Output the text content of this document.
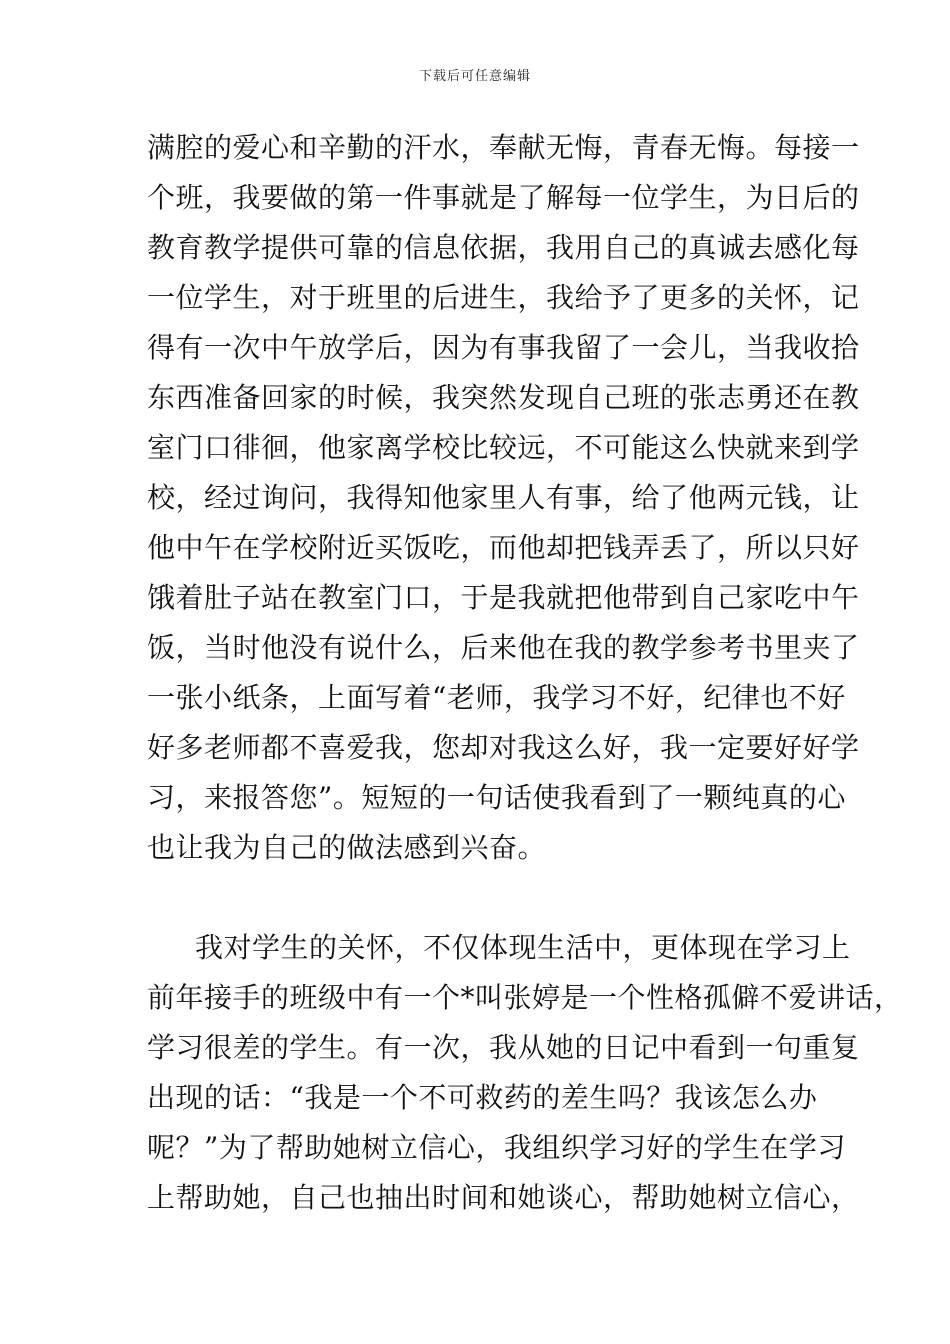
下载后可任意编辑
满腔的爱心和辛勤的汗水，奉献无悔，青春无悔。每接一
个班，我要做的第一件事就是了解每一位学生，为日后的
教育教学提供可靠的信息依据，我用自己的真诚去感化每
一位学生，对于班里的后进生，我给予了更多的关怀，记
得有一次中午放学后，因为有事我留了一会儿，当我收拾
东西准备回家的时候，我突然发现自己班的张志勇还在教
室门口徘徊，他家离学校比较远，不可能这么快就来到学
校，经过询问，我得知他家里人有事，给了他两元钱，让
他中午在学校附近买饭吃，而他却把钱弄丢了，所以只好
饿着肚子站在教室门口，于是我就把他带到自己家吃中午
饭，当时他没有说什么，后来他在我的教学参考书里夹了
一张小纸条，上面写着“老师，我学习不好，纪律也不好
好多老师都不喜爱我，您却对我这么好，我一定要好好学
习，来报答您”。短短的一句话使我看到了一颗纯真的心
也让我为自己的做法感到兴奋。
我对学生的关怀，不仅体现生活中，更体现在学习上
前年接手的班级中有一个*叫张婷是一个性格孤僻不爱讲话，
学习很差的学生。有一次，我从她的日记中看到一句重复
出现的话：“我是一个不可救药的差生吗？我该怎么办
呢？”为了帮助她树立信心，我组织学习好的学生在学习
上帮助她，自己也抽出时间和她谈心，帮助她树立信心，
